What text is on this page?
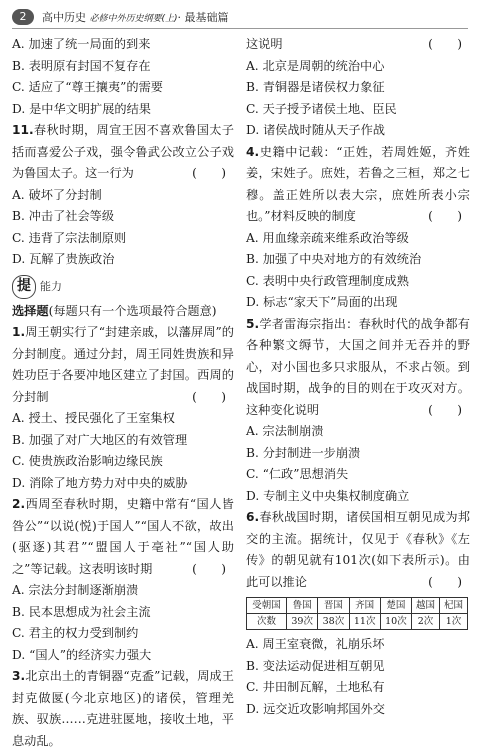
2	高中历史
必修中外历史纲要(上) · 最基础篇

A. 加速了统一局面的到来

B. 表明原有封国不复存在

C. 适应了“尊王攘夷”的需要

D. 是中华文明扩展的结果

11.春秋时期，周宣王因不喜欢鲁国太子括而喜爱公子戏，强令鲁武公改立公子戏为鲁国太子。这一行为	(　　)

A. 破坏了分封制

B. 冲击了社会等级

C. 违背了宗法制原则

D. 瓦解了贵族政治

提 能力

选择题(每题只有一个选项最符合题意)

1.周王朝实行了“封建亲戚，以藩屏周”的分封制度。通过分封，周王同姓贵族和异姓功臣于各要冲地区建立了封国。西周的分封制	(　　)

A. 授土、授民强化了王室集权

B. 加强了对广大地区的有效管理

C. 使贵族政治影响边缘民族

D. 消除了地方势力对中央的威胁

2.西周至春秋时期，史籍中常有“国人皆咎公”“以说(悦)于国人”“国人不欲，故出(驱逐)其君”“盟国人于亳社”“国人助之”等记载。这表明该时期	(　　)

A. 宗法分封制逐渐崩溃

B. 民本思想成为社会主流

C. 君主的权力受到制约

D. “国人”的经济实力强大

3.北京出土的青铜器“克盉”记载，周成王封克做匽(今北京地区)的诸侯，管理羌族、驭族……克进驻匽地，接收土地，平息动乱。

这说明	(　　)

A. 北京是周朝的统治中心

B. 青铜器是诸侯权力象征

C. 天子授予诸侯土地、臣民

D. 诸侯战时随从天子作战

4.史籍中记载：“正姓，若周姓姬，齐姓姜，宋姓子。庶姓，若鲁之三桓，郑之七穆。盖正姓所以表大宗，庶姓所表小宗也。”材料反映的制度	(　　)

A. 用血缘亲疏来维系政治等级

B. 加强了中央对地方的有效统治

C. 表明中央行政管理制度成熟

D. 标志“家天下”局面的出现

5.学者雷海宗指出：春秋时代的战争都有各种繁文缛节，大国之间并无吞并的野心，对小国也多只求服从，不求占领。到战国时期，战争的目的则在于攻灭对方。这种变化说明	(　　)

A. 宗法制崩溃

B. 分封制进一步崩溃

C. “仁政”思想消失

D. 专制主义中央集权制度确立

6.春秋战国时期，诸侯国相互朝见成为邦交的主流。据统计，仅见于《春秋》《左传》的朝见就有101次(如下表所示)。由此可以推论	(　　)

受朝国	鲁国	晋国	齐国	楚国	越国	杞国
次数	39次	38次	11次	10次	2次	1次

A. 周王室衰微，礼崩乐坏

B. 变法运动促进相互朝见

C. 井田制瓦解，土地私有

D. 远交近攻影响邦国外交
